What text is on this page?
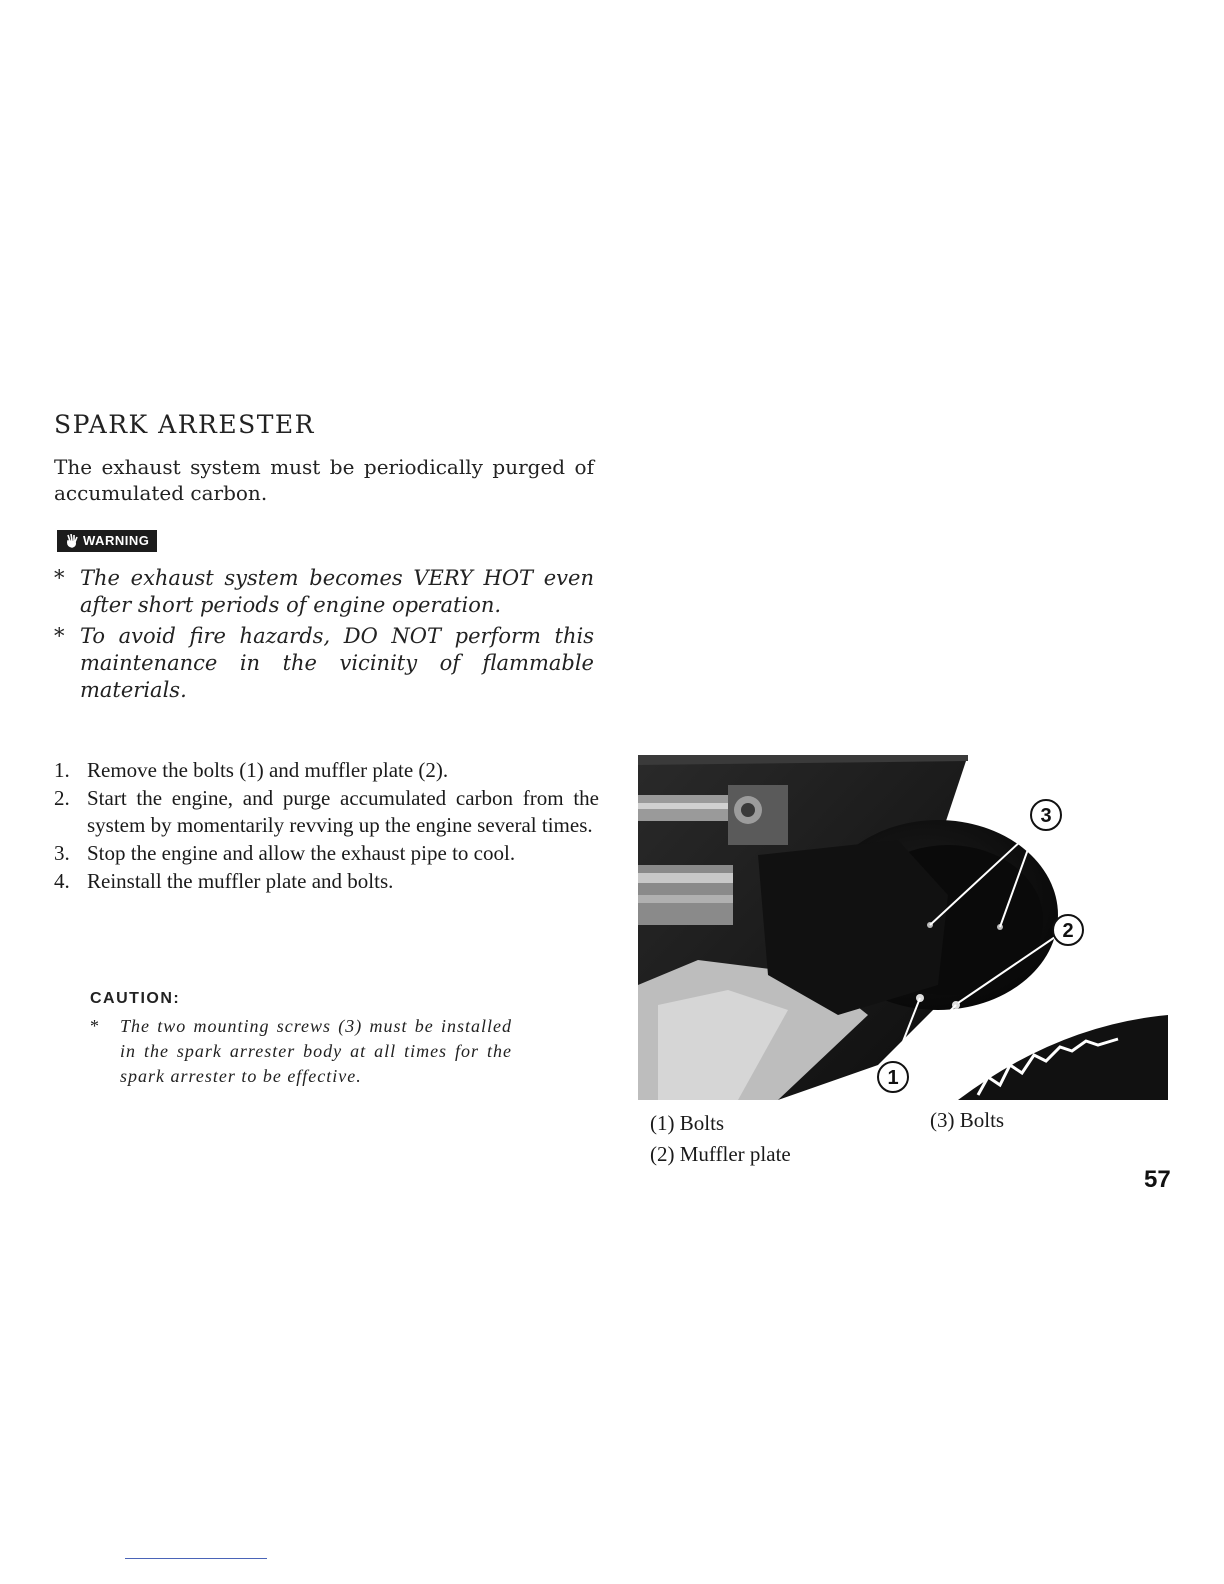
SPARK ARRESTER
The exhaust system must be periodically purged of accumulated carbon.
WARNING
* The exhaust system becomes VERY HOT even after short periods of engine operation.
* To avoid fire hazards, DO NOT perform this maintenance in the vicinity of flammable materials.
1. Remove the bolts (1) and muffler plate (2).
2. Start the engine, and purge accumulated carbon from the system by momentarily revving up the engine several times.
3. Stop the engine and allow the exhaust pipe to cool.
4. Reinstall the muffler plate and bolts.
CAUTION:
*	The two mounting screws (3) must be installed in the spark arrester body at all times for the spark arrester to be effective.
3
2
1
(1) Bolts
(2) Muffler plate
(3) Bolts
57
